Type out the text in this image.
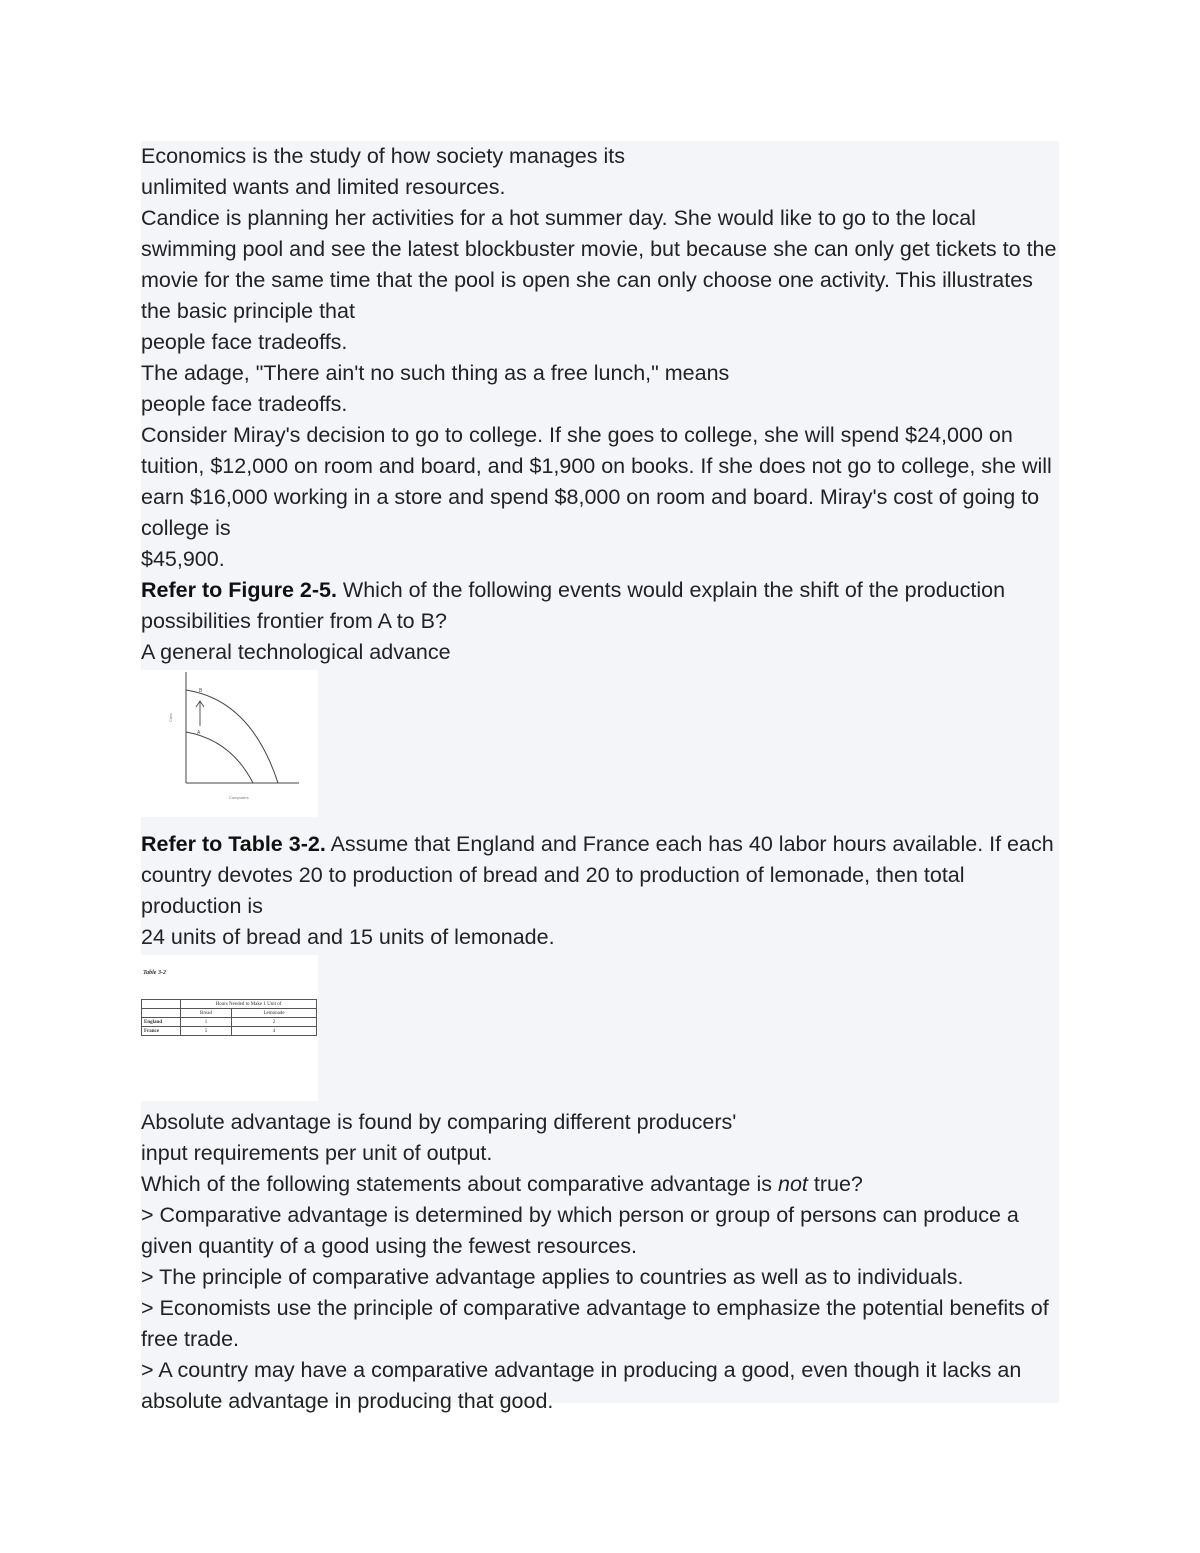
Economics is the study of how society manages its

unlimited wants and limited resources.

Candice is planning her activities for a hot summer day. She would like to go to the local swimming pool and see the latest blockbuster movie, but because she can only get tickets to the movie for the same time that the pool is open she can only choose one activity. This illustrates the basic principle that

people face tradeoffs.

The adage, "There ain't no such thing as a free lunch," means

people face tradeoffs.

Consider Miray's decision to go to college. If she goes to college, she will spend $24,000 on tuition, $12,000 on room and board, and $1,900 on books. If she does not go to college, she will earn $16,000 working in a store and spend $8,000 on room and board. Miray's cost of going to college is

$45,900.

Refer to Figure 2-5. Which of the following events would explain the shift of the production possibilities frontier from A to B?

A general technological advance

B
A
Cars
Computers

Refer to Table 3-2. Assume that England and France each has 40 labor hours available. If each country devotes 20 to production of bread and 20 to production of lemonade, then total production is

24 units of bread and 15 units of lemonade.

Table 3-2
	Hours Needed to Make 1 Unit of	
	Bread	Lemonade
England	1	2
France	5	4

Absolute advantage is found by comparing different producers'

input requirements per unit of output.

Which of the following statements about comparative advantage is not true?

> Comparative advantage is determined by which person or group of persons can produce a given quantity of a good using the fewest resources.

> The principle of comparative advantage applies to countries as well as to individuals.

> Economists use the principle of comparative advantage to emphasize the potential benefits of free trade.

> A country may have a comparative advantage in producing a good, even though it lacks an absolute advantage in producing that good.
